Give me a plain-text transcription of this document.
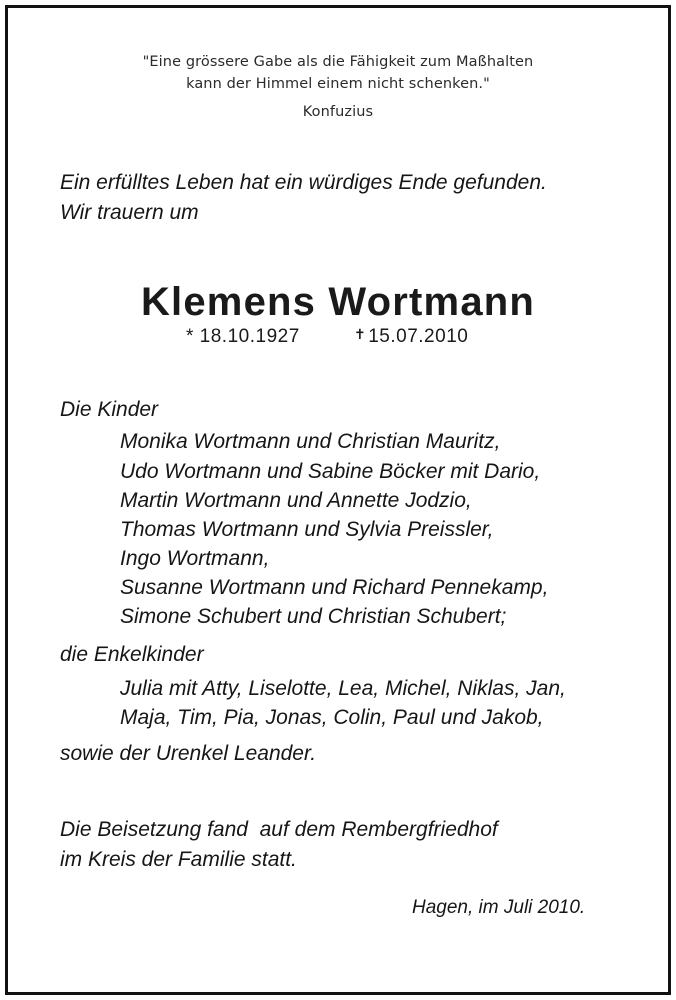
"Eine grössere Gabe als die Fähigkeit zum Maßhalten
kann der Himmel einem nicht schenken."
Konfuzius
Ein erfülltes Leben hat ein würdiges Ende gefunden.
Wir trauern um
Klemens Wortmann
* 18.10.1927	✝ 15.07.2010
Die Kinder
Monika Wortmann und Christian Mauritz,
Udo Wortmann und Sabine Böcker mit Dario,
Martin Wortmann und Annette Jodzio,
Thomas Wortmann und Sylvia Preissler,
Ingo Wortmann,
Susanne Wortmann und Richard Pennekamp,
Simone Schubert und Christian Schubert;
die Enkelkinder
Julia mit Atty, Liselotte, Lea, Michel, Niklas, Jan,
Maja, Tim, Pia, Jonas, Colin, Paul und Jakob,
sowie der Urenkel Leander.
Die Beisetzung fand  auf dem Rembergfriedhof
im Kreis der Familie statt.
Hagen, im Juli 2010.
